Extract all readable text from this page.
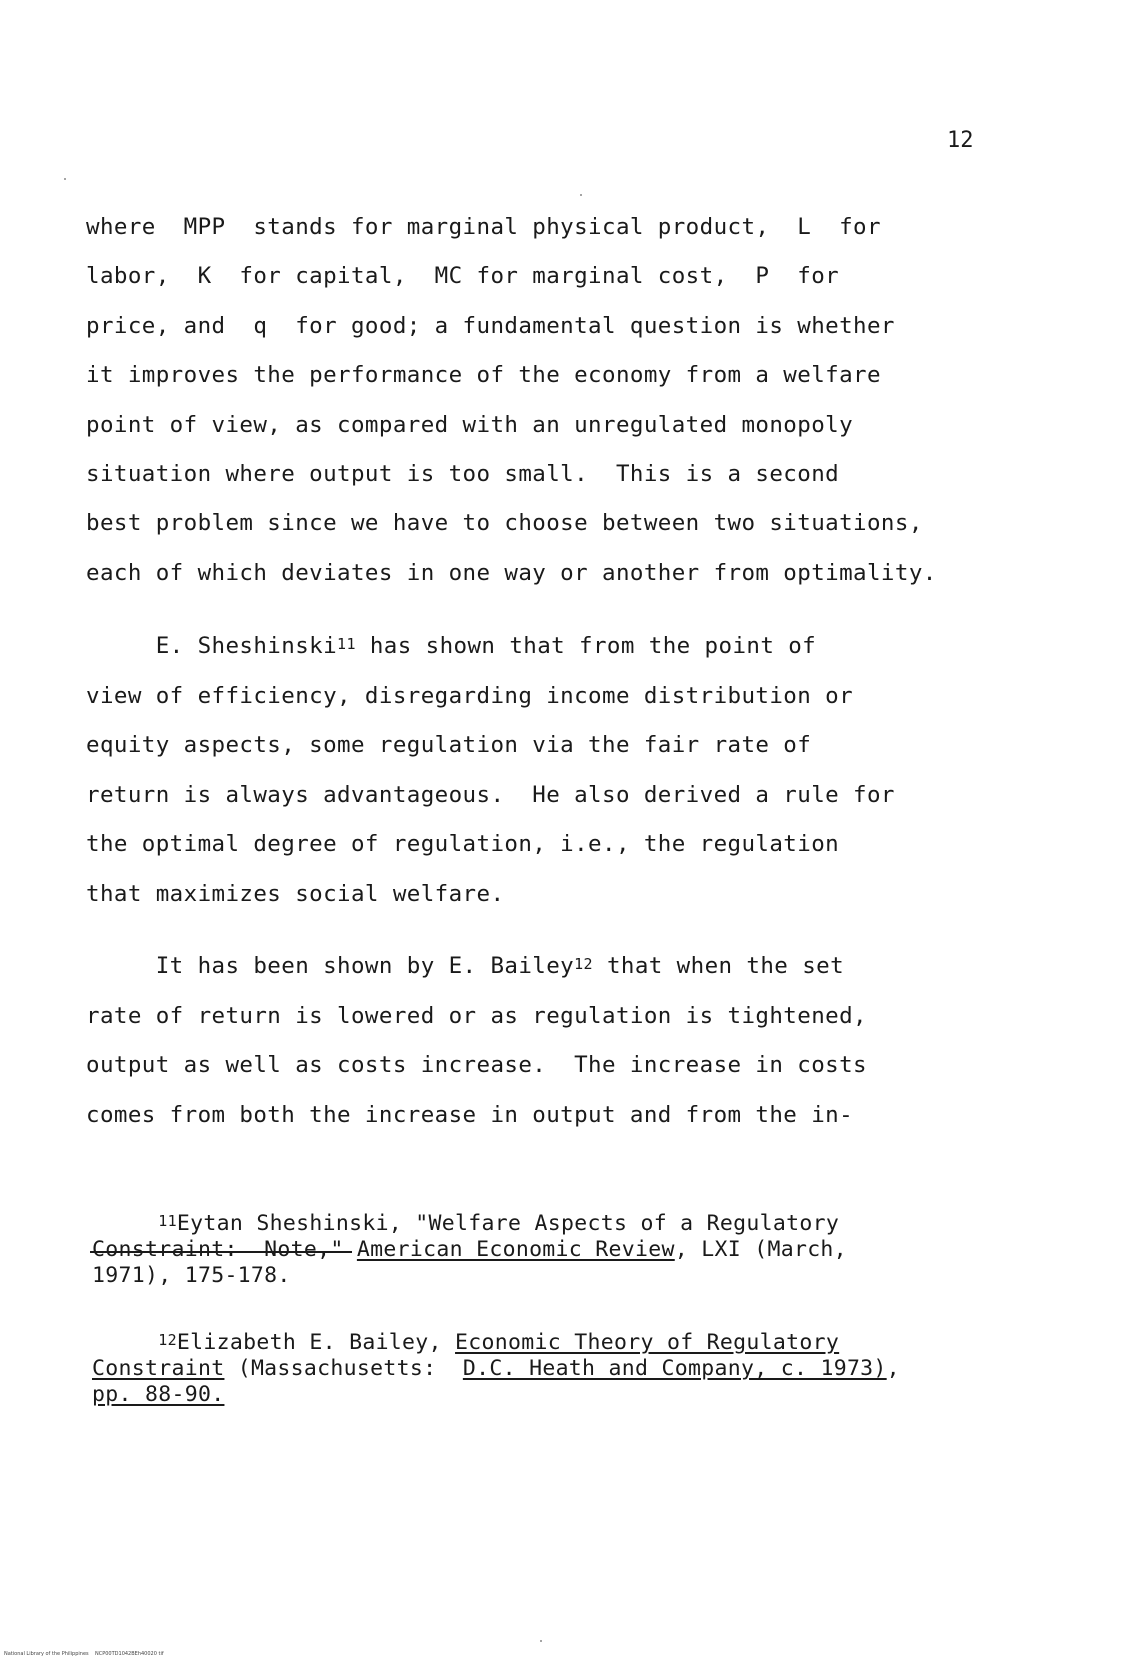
12
where  MPP  stands for marginal physical product,  L  for
labor,  K  for capital,  MC for marginal cost,  P  for
price, and  q  for good; a fundamental question is whether
it improves the performance of the economy from a welfare
point of view, as compared with an unregulated monopoly
situation where output is too small.  This is a second
best problem since we have to choose between two situations,
each of which deviates in one way or another from optimality.
E. Sheshinski$^{11}$ has shown that from the point of
view of efficiency, disregarding income distribution or
equity aspects, some regulation via the fair rate of
return is always advantageous.  He also derived a rule for
the optimal degree of regulation, i.e., the regulation
that maximizes social welfare.
It has been shown by E. Bailey$^{12}$ that when the set
rate of return is lowered or as regulation is tightened,
output as well as costs increase.  The increase in costs
comes from both the increase in output and from the in-
$^{11}$Eytan Sheshinski, "Welfare Aspects of a Regulatory
Constraint:  Note," American Economic Review, LXI (March,
1971), 175-178.
$^{12}$Elizabeth E. Bailey, Economic Theory of Regulatory
Constraint (Massachusetts:  D.C. Heath and Company, c. 1973),
pp. 88-90.
National Library of the Philippines    NCP00TD1042BEh40020 tif
